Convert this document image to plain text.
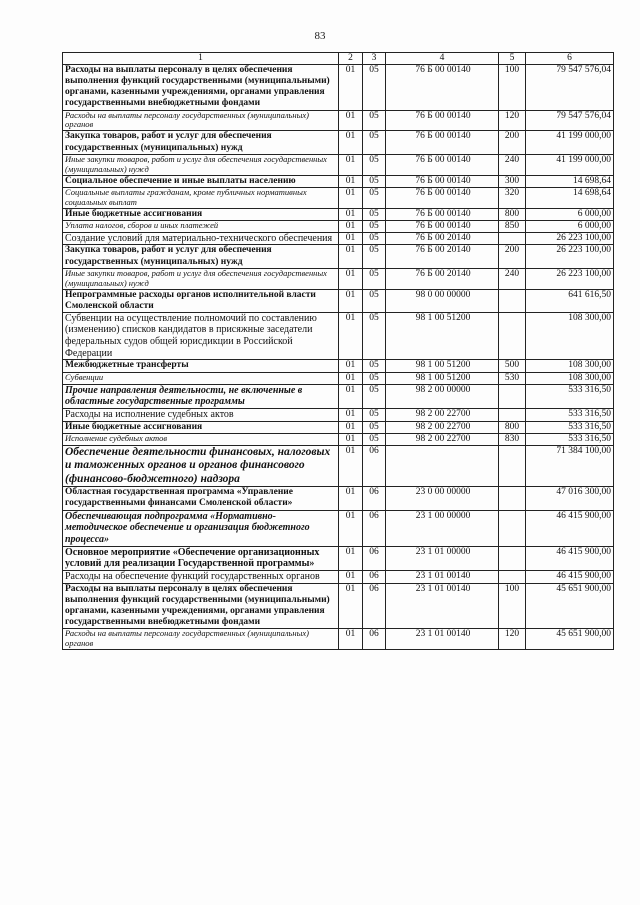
83
1	2	3	4	5	6
Расходы на выплаты персоналу в целях обеспечения выполнения функций государственными (муниципальными) органами, казенными учреждениями, органами управления государственными внебюджетными фондами	01	05	76 Б 00 00140	100	79 547 576,04
Расходы на выплаты персоналу государственных (муниципальных) органов	01	05	76 Б 00 00140	120	79 547 576,04
Закупка товаров, работ и услуг для обеспечения государственных (муниципальных) нужд	01	05	76 Б 00 00140	200	41 199 000,00
Иные закупки товаров, работ и услуг для обеспечения государственных (муниципальных) нужд	01	05	76 Б 00 00140	240	41 199 000,00
Социальное обеспечение и иные выплаты населению	01	05	76 Б 00 00140	300	14 698,64
Социальные выплаты гражданам, кроме публичных нормативных социальных выплат	01	05	76 Б 00 00140	320	14 698,64
Иные бюджетные ассигнования	01	05	76 Б 00 00140	800	6 000,00
Уплата налогов, сборов и иных платежей	01	05	76 Б 00 00140	850	6 000,00
Создание условий для материально-технического обеспечения	01	05	76 Б 00 20140		26 223 100,00
Закупка товаров, работ и услуг для обеспечения государственных (муниципальных) нужд	01	05	76 Б 00 20140	200	26 223 100,00
Иные закупки товаров, работ и услуг для обеспечения государственных (муниципальных) нужд	01	05	76 Б 00 20140	240	26 223 100,00
Непрограммные расходы органов исполнительной власти Смоленской области	01	05	98 0 00 00000		641 616,50
Субвенции на осуществление полномочий по составлению (изменению) списков кандидатов в присяжные заседатели федеральных судов общей юрисдикции в Российской Федерации	01	05	98 1 00 51200		108 300,00
Межбюджетные трансферты	01	05	98 1 00 51200	500	108 300,00
Субвенции	01	05	98 1 00 51200	530	108 300,00
Прочие направления деятельности, не включенные в областные государственные программы	01	05	98 2 00 00000		533 316,50
Расходы на исполнение судебных актов	01	05	98 2 00 22700		533 316,50
Иные бюджетные ассигнования	01	05	98 2 00 22700	800	533 316,50
Исполнение судебных актов	01	05	98 2 00 22700	830	533 316,50
Обеспечение деятельности финансовых, налоговых и таможенных органов и органов финансового (финансово-бюджетного) надзора	01	06			71 384 100,00
Областная государственная программа «Управление государственными финансами Смоленской области»	01	06	23 0 00 00000		47 016 300,00
Обеспечивающая подпрограмма «Нормативно-методическое обеспечение и организация бюджетного процесса»	01	06	23 1 00 00000		46 415 900,00
Основное мероприятие «Обеспечение организационных условий для реализации Государственной программы»	01	06	23 1 01 00000		46 415 900,00
Расходы на обеспечение функций государственных органов	01	06	23 1 01 00140		46 415 900,00
Расходы на выплаты персоналу в целях обеспечения выполнения функций государственными (муниципальными) органами, казенными учреждениями, органами управления государственными внебюджетными фондами	01	06	23 1 01 00140	100	45 651 900,00
Расходы на выплаты персоналу государственных (муниципальных) органов	01	06	23 1 01 00140	120	45 651 900,00
